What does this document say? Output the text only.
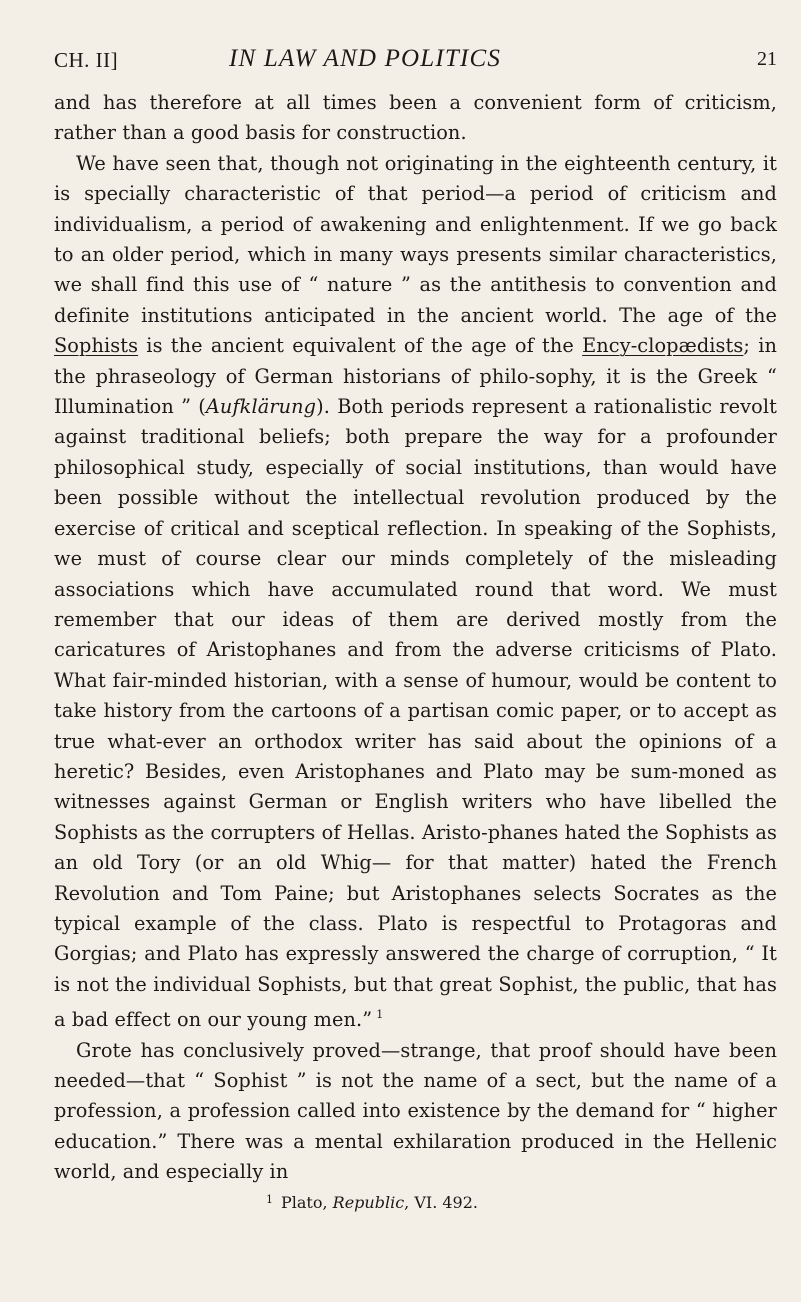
CH. II]	IN LAW AND POLITICS	21

and has therefore at all times been a convenient form of criticism, rather than a good basis for construction.

We have seen that, though not originating in the eighteenth century, it is specially characteristic of that period—a period of criticism and individualism, a period of awakening and enlightenment. If we go back to an older period, which in many ways presents similar characteristics, we shall find this use of “ nature ” as the antithesis to convention and definite institutions anticipated in the ancient world. The age of the Sophists is the ancient equivalent of the age of the Ency-clopædists; in the phraseology of German historians of philo-sophy, it is the Greek “ Illumination ” (Aufklärung). Both periods represent a rationalistic revolt against traditional beliefs; both prepare the way for a profounder philosophical study, especially of social institutions, than would have been possible without the intellectual revolution produced by the exercise of critical and sceptical reflection. In speaking of the Sophists, we must of course clear our minds completely of the misleading associations which have accumulated round that word. We must remember that our ideas of them are derived mostly from the caricatures of Aristophanes and from the adverse criticisms of Plato. What fair-minded historian, with a sense of humour, would be content to take history from the cartoons of a partisan comic paper, or to accept as true what-ever an orthodox writer has said about the opinions of a heretic? Besides, even Aristophanes and Plato may be sum-moned as witnesses against German or English writers who have libelled the Sophists as the corrupters of Hellas. Aristo-phanes hated the Sophists as an old Tory (or an old Whig— for that matter) hated the French Revolution and Tom Paine; but Aristophanes selects Socrates as the typical example of the class. Plato is respectful to Protagoras and Gorgias; and Plato has expressly answered the charge of corruption, “ It is not the individual Sophists, but that great Sophist, the public, that has a bad effect on our young men.” $^1$

Grote has conclusively proved—strange, that proof should have been needed—that “ Sophist ” is not the name of a sect, but the name of a profession, a profession called into existence by the demand for “ higher education.” There was a mental exhilaration produced in the Hellenic world, and especially in

$^1$ Plato, Republic, VI. 492.
